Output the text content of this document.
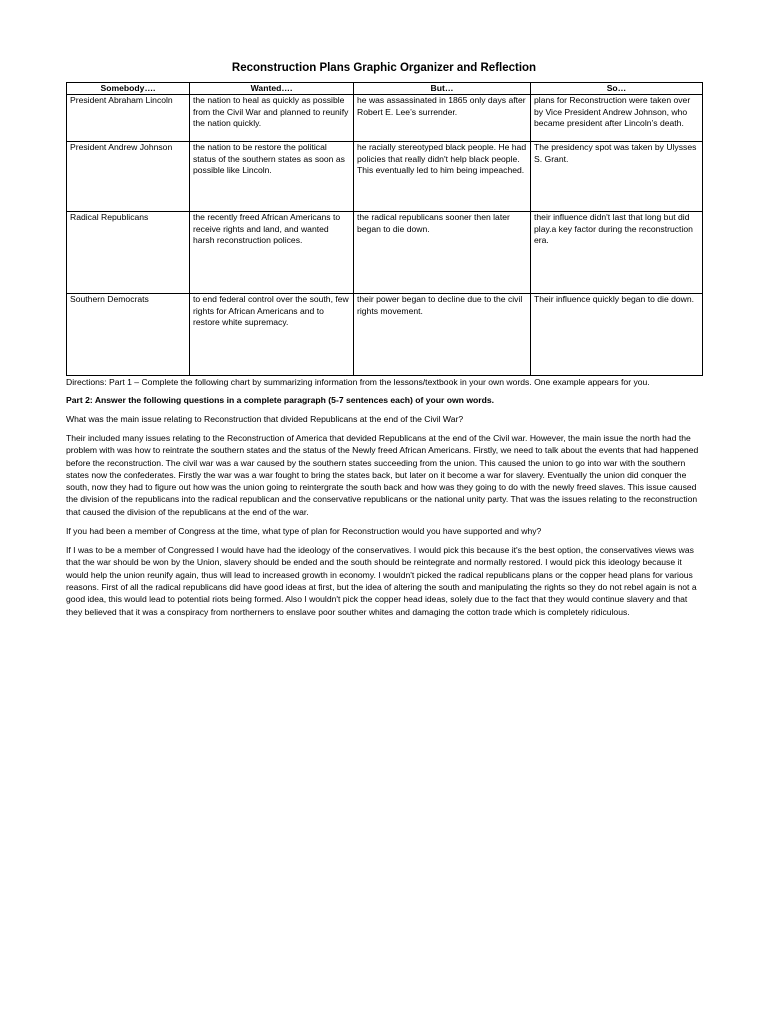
Reconstruction Plans Graphic Organizer and Reflection
Somebody….	Wanted….	But…	So…
President Abraham Lincoln	the nation to heal as quickly as possible from the Civil War and planned to reunify the nation quickly.	he was assassinated in 1865 only days after Robert E. Lee’s surrender.	plans for Reconstruction were taken over by Vice President Andrew Johnson, who became president after Lincoln’s death.
President Andrew Johnson	the nation to be restore the political status of the southern states as soon as possible like Lincoln.	he racially stereotyped black people. He had policies that really didn't help black people. This eventually led to him being impeached.	The presidency spot was taken by Ulysses S. Grant.
Radical Republicans	the recently freed African Americans to receive rights and land, and wanted harsh reconstruction polices.	the radical republicans sooner then later began to die down.	their influence didn't last that long but did play.a key factor during the reconstruction era.
Southern Democrats	to end federal control over the south, few rights for African Americans and to restore white supremacy.	their power began to decline due to the civil rights movement.	Their influence quickly began to die down.
Directions: Part 1 – Complete the following chart by summarizing information from the lessons/textbook in your own words. One example appears for you.
Part 2: Answer the following questions in a complete paragraph (5-7 sentences each) of your own words.
What was the main issue relating to Reconstruction that divided Republicans at the end of the Civil War?
Their included many issues relating to the Reconstruction of America that devided Republicans at the end of the Civil war. However, the main issue the north had the problem with was how to reintrate the southern states and the status of the Newly freed African Americans. Firstly, we need to talk about the events that had happened before the reconstruction. The civil war was a war caused by the southern states succeeding from the union. This caused the union to go into war with the southern states now the confederates. Firstly the war was a war fought to bring the states back, but later on it become a war for slavery. Eventually the union did conquer the south, now they had to figure out how was the union going to reintergrate the south back and how was they going to do with the newly freed slaves. This issue caused the division of the republicans into the radical republican and the conservative republicans or the national unity party. That was the issues relating to the reconstruction that caused the division of the republicans at the end of the war.
If you had been a member of Congress at the time, what type of plan for Reconstruction would you have supported and why?
If I was to be a member of Congressed I would have had the ideology of the conservatives. I would pick this because it's the best option, the conservatives views was that the war should be won by the Union, slavery should be ended and the south should be reintegrate and normally restored. I would pick this ideology because it would help the union reunify again, thus will lead to increased growth in economy. I wouldn't picked the radical republicans plans or the copper head plans for various reasons. First of all the radical republicans did have good ideas at first, but the idea of altering the south and manipulating the rights so they do not rebel again is not a good idea, this would lead to potential riots being formed. Also I wouldn't pick the copper head ideas, solely due to the fact that they would continue slavery and that they believed that it was a conspiracy from northerners to enslave poor souther whites and damaging the cotton trade which is completely ridiculous.
